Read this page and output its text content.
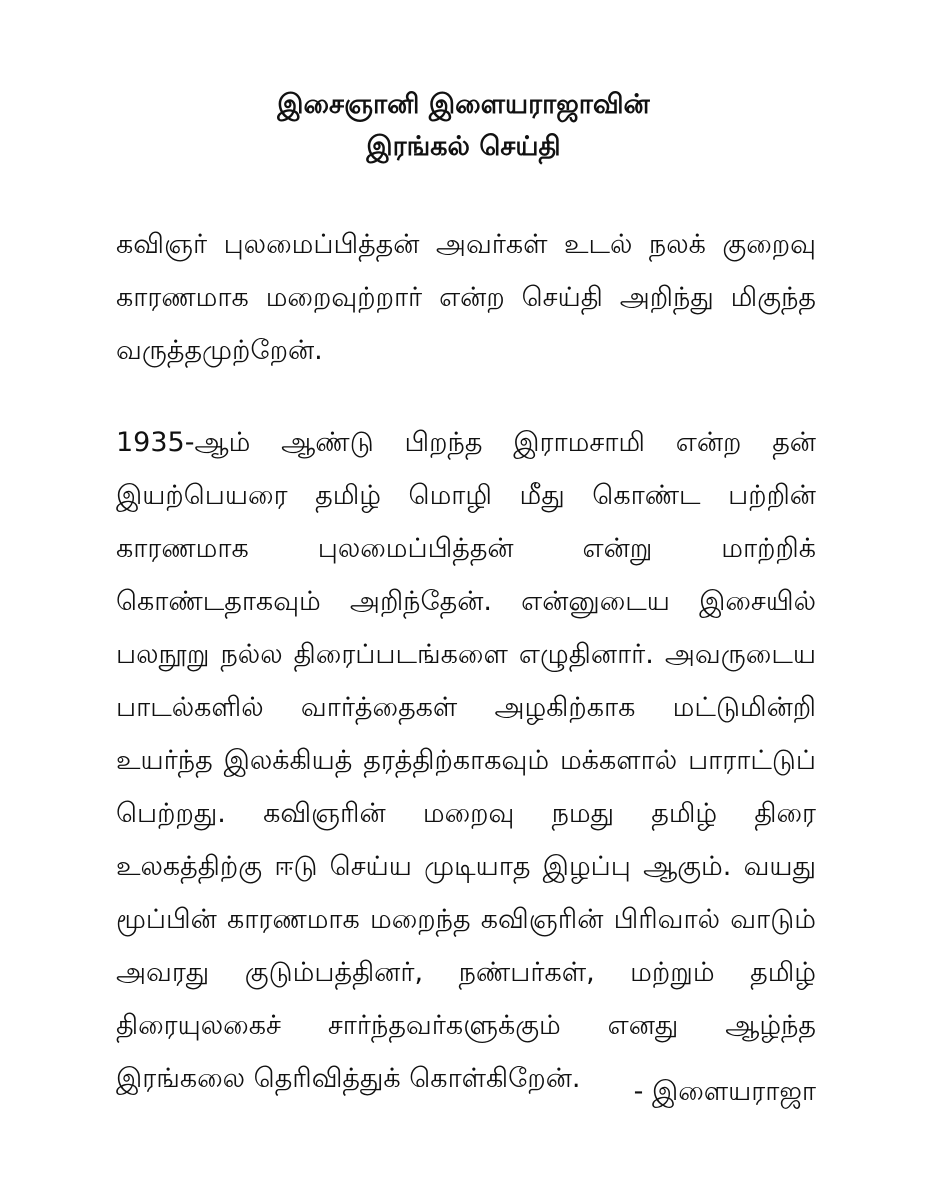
இசைஞானி இளையராஜாவின்
இரங்கல் செய்தி

கவிஞர் புலமைப்பித்தன் அவர்கள் உடல் நலக் குறைவு காரணமாக மறைவுற்றார் என்ற செய்தி அறிந்து மிகுந்த வருத்தமுற்றேன்.

1935-ஆம் ஆண்டு பிறந்த இராமசாமி என்ற தன் இயற்பெயரை தமிழ் மொழி மீது கொண்ட பற்றின் காரணமாக புலமைப்பித்தன் என்று மாற்றிக் கொண்டதாகவும் அறிந்தேன். என்னுடைய இசையில் பலநூறு நல்ல திரைப்படங்களை எழுதினார். அவருடைய பாடல்களில் வார்த்தைகள் அழகிற்காக மட்டுமின்றி உயர்ந்த இலக்கியத் தரத்திற்காகவும் மக்களால் பாராட்டுப் பெற்றது. கவிஞரின் மறைவு நமது தமிழ் திரை உலகத்திற்கு ஈடு செய்ய முடியாத இழப்பு ஆகும். வயது மூப்பின் காரணமாக மறைந்த கவிஞரின் பிரிவால் வாடும் அவரது குடும்பத்தினர், நண்பர்கள், மற்றும் தமிழ் திரையுலகைச் சார்ந்தவர்களுக்கும் எனது ஆழ்ந்த இரங்கலை தெரிவித்துக் கொள்கிறேன்.	- இளையராஜா
